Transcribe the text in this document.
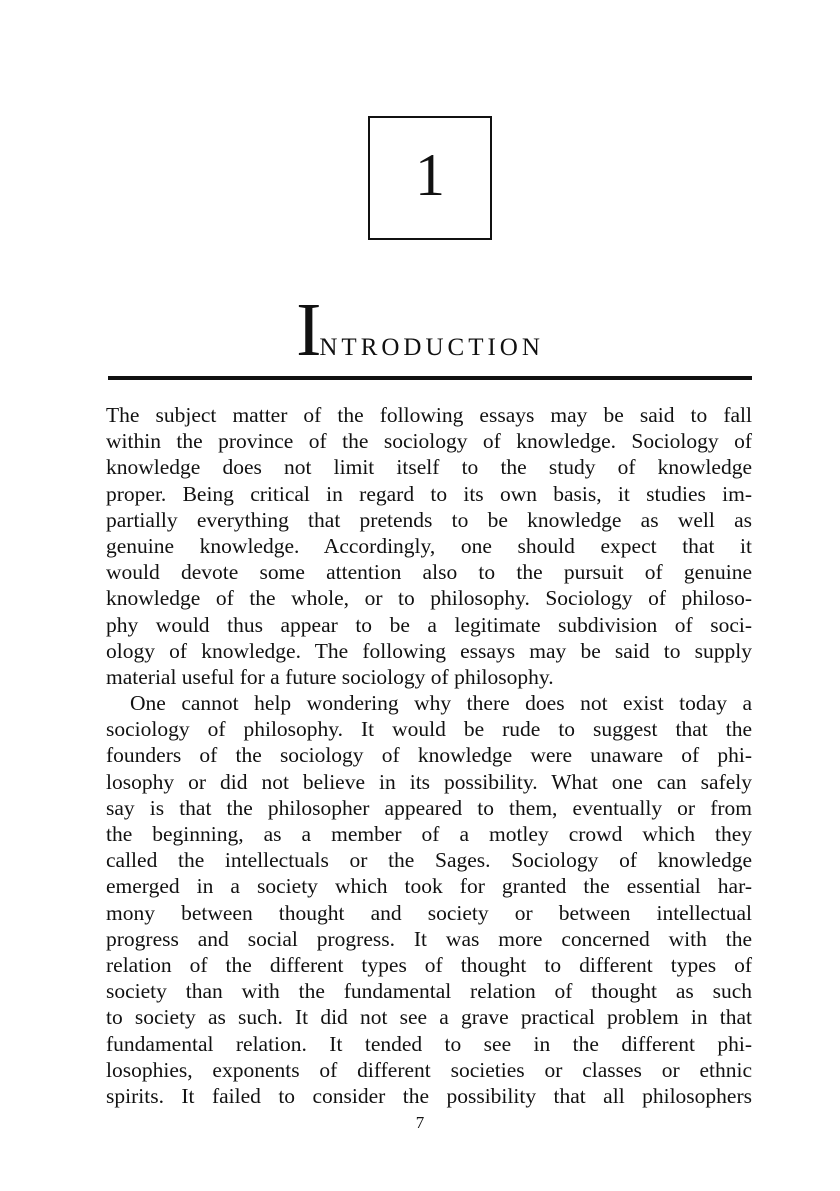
1
INTRODUCTION
The subject matter of the following essays may be said to fall
within the province of the sociology of knowledge. Sociology of
knowledge does not limit itself to the study of knowledge
proper. Being critical in regard to its own basis, it studies im-
partially everything that pretends to be knowledge as well as
genuine knowledge. Accordingly, one should expect that it
would devote some attention also to the pursuit of genuine
knowledge of the whole, or to philosophy. Sociology of philoso-
phy would thus appear to be a legitimate subdivision of soci-
ology of knowledge. The following essays may be said to supply
material useful for a future sociology of philosophy.
One cannot help wondering why there does not exist today a
sociology of philosophy. It would be rude to suggest that the
founders of the sociology of knowledge were unaware of phi-
losophy or did not believe in its possibility. What one can safely
say is that the philosopher appeared to them, eventually or from
the beginning, as a member of a motley crowd which they
called the intellectuals or the Sages. Sociology of knowledge
emerged in a society which took for granted the essential har-
mony between thought and society or between intellectual
progress and social progress. It was more concerned with the
relation of the different types of thought to different types of
society than with the fundamental relation of thought as such
to society as such. It did not see a grave practical problem in that
fundamental relation. It tended to see in the different phi-
losophies, exponents of different societies or classes or ethnic
spirits. It failed to consider the possibility that all philosophers
7
